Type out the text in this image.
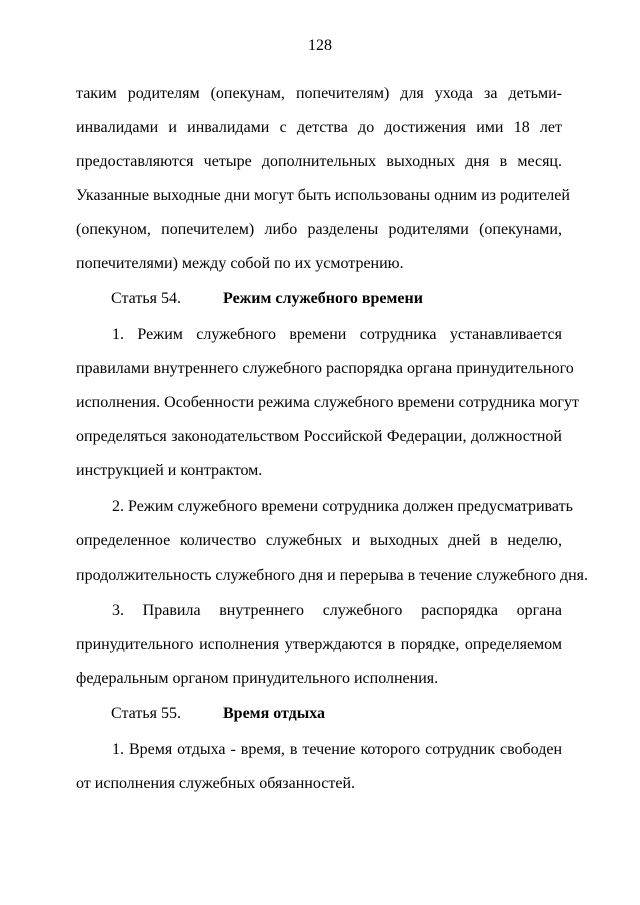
128
таким родителям (опекунам, попечителям) для ухода за детьми-
инвалидами и инвалидами с детства до достижения ими 18 лет
предоставляются четыре дополнительных выходных дня в месяц.
Указанные выходные дни могут быть использованы одним из родителей
(опекуном, попечителем) либо разделены родителями (опекунами,
попечителями) между собой по их усмотрению.
Статья 54.	Режим служебного времени
1. Режим служебного времени сотрудника устанавливается
правилами внутреннего служебного распорядка органа принудительного
исполнения. Особенности режима служебного времени сотрудника могут
определяться законодательством Российской Федерации, должностной
инструкцией и контрактом.
2. Режим служебного времени сотрудника должен предусматривать
определенное количество служебных и выходных дней в неделю,
продолжительность служебного дня и перерыва в течение служебного дня.
3. Правила внутреннего служебного распорядка органа
принудительного исполнения утверждаются в порядке, определяемом
федеральным органом принудительного исполнения.
Статья 55.	Время отдыха
1. Время отдыха - время, в течение которого сотрудник свободен
от исполнения служебных обязанностей.
